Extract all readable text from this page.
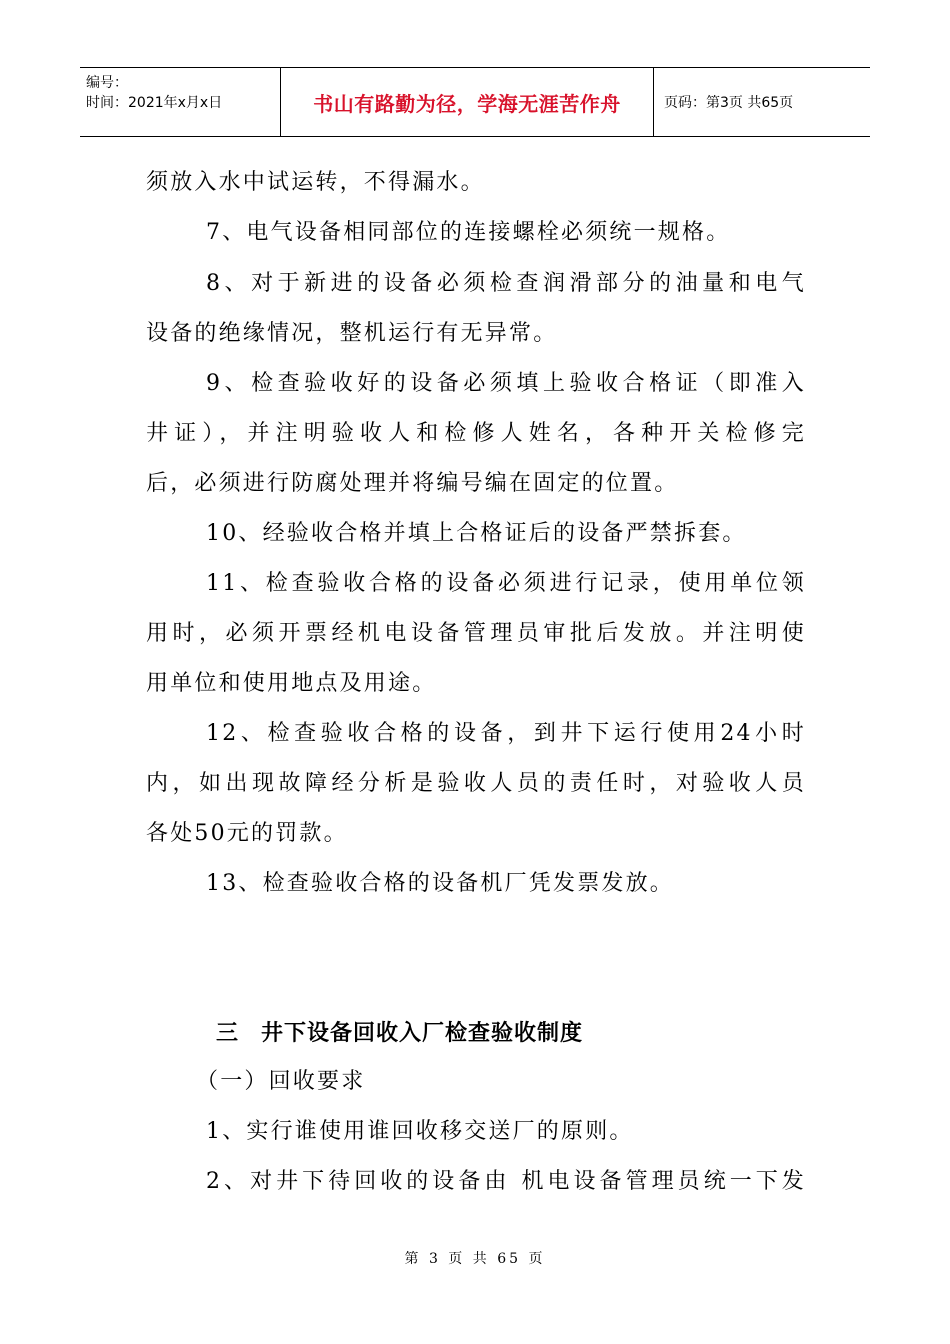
编号：
时间：2021年x月x日	书山有路勤为径，学海无涯苦作舟	页码：第3页 共65页
须放入水中试运转，不得漏水。
7、电气设备相同部位的连接螺栓必须统一规格。
8、对于新进的设备必须检查润滑部分的油量和电气
设备的绝缘情况，整机运行有无异常。
9、检查验收好的设备必须填上验收合格证（即准入
井证），并注明验收人和检修人姓名，各种开关检修完
后，必须进行防腐处理并将编号编在固定的位置。
10、经验收合格并填上合格证后的设备严禁拆套。
11、检查验收合格的设备必须进行记录，使用单位领
用时，必须开票经机电设备管理员审批后发放。并注明使
用单位和使用地点及用途。
12、检查验收合格的设备，到井下运行使用24小时
内，如出现故障经分析是验收人员的责任时，对验收人员
各处50元的罚款。
13、检查验收合格的设备机厂凭发票发放。
三 井下设备回收入厂检查验收制度
（一）回收要求
1、实行谁使用谁回收移交送厂的原则。
2、对井下待回收的设备由 机电设备管理员统一下发
第 3 页 共 65 页
